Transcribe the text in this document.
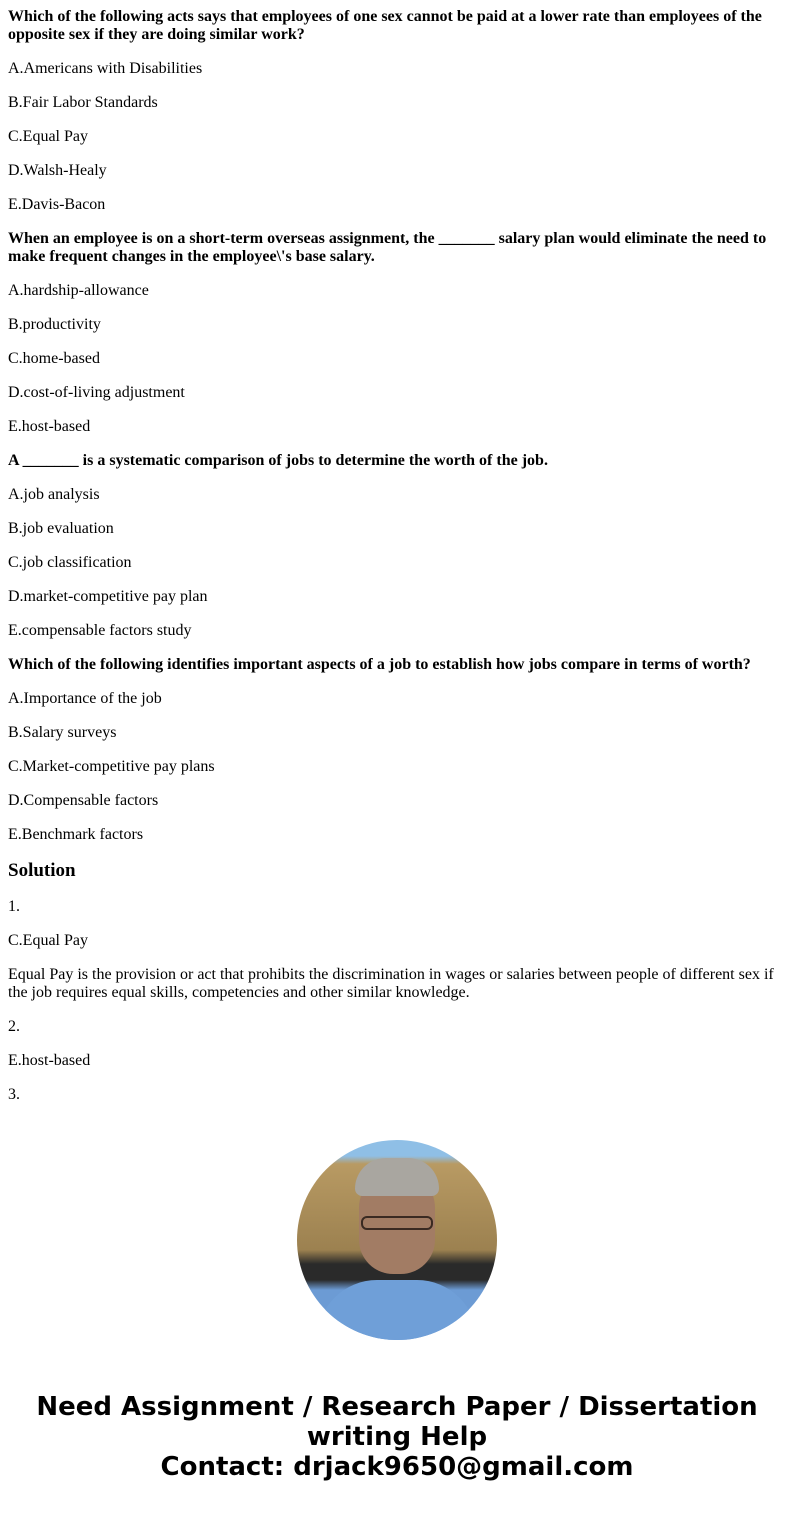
Which of the following acts says that employees of one sex cannot be paid at a lower rate than employees of the opposite sex if they are doing similar work?

A.Americans with Disabilities

B.Fair Labor Standards

C.Equal Pay

D.Walsh-Healy

E.Davis-Bacon

When an employee is on a short-term overseas assignment, the _______ salary plan would eliminate the need to make frequent changes in the employee\'s base salary.

A.hardship-allowance

B.productivity

C.home-based

D.cost-of-living adjustment

E.host-based

A _______ is a systematic comparison of jobs to determine the worth of the job.

A.job analysis

B.job evaluation

C.job classification

D.market-competitive pay plan

E.compensable factors study

Which of the following identifies important aspects of a job to establish how jobs compare in terms of worth?

A.Importance of the job

B.Salary surveys

C.Market-competitive pay plans

D.Compensable factors

E.Benchmark factors

Solution

1.

C.Equal Pay

Equal Pay is the provision or act that prohibits the discrimination in wages or salaries between people of different sex if the job requires equal skills, competencies and other similar knowledge.

2.

E.host-based

3.

Need Assignment / Research Paper / Dissertation writing Help
Contact: drjack9650@gmail.com
